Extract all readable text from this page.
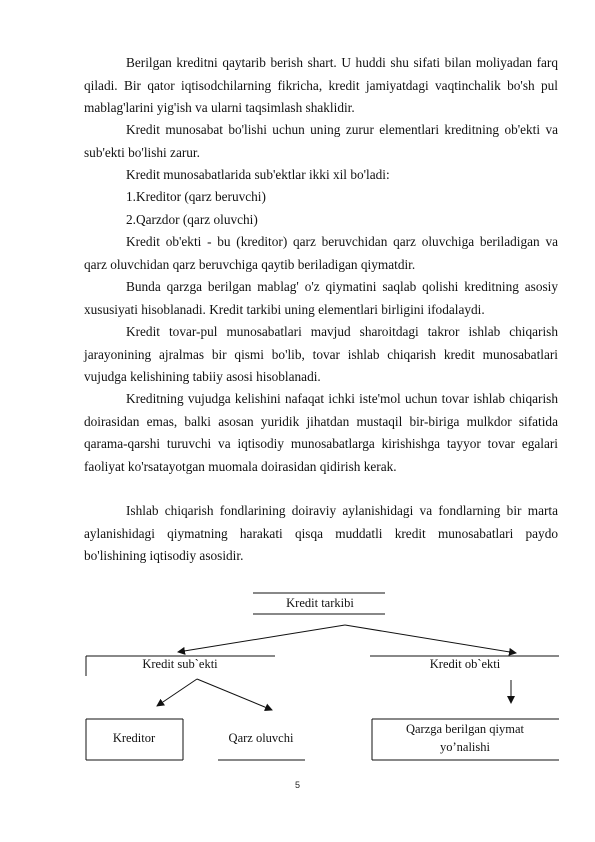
Berilgan kreditni qaytarib berish shart. U huddi shu sifati bilan moliyadan farq qiladi. Bir qator iqtisodchilarning fikricha, kredit jamiyatdagi vaqtinchalik bo'sh pul mablag'larini yig'ish va ularni taqsimlash shaklidir.

Kredit munosabat bo'lishi uchun uning zurur elementlari kreditning ob'ekti va sub'ekti bo'lishi zarur.

Kredit munosabatlarida sub'ektlar ikki xil bo'ladi:

1.Kreditor (qarz beruvchi)

2.Qarzdor (qarz oluvchi)

Kredit ob'ekti - bu (kreditor) qarz beruvchidan qarz oluvchiga beriladigan va qarz oluvchidan qarz beruvchiga qaytib beriladigan qiymatdir.

Bunda qarzga berilgan mablag' o'z qiymatini saqlab qolishi kreditning asosiy xususiyati hisoblanadi. Kredit tarkibi uning elementlari birligini ifodalaydi.

Kredit tovar-pul munosabatlari mavjud sharoitdagi takror ishlab chiqarish jarayonining ajralmas bir qismi bo'lib, tovar ishlab chiqarish kredit munosabatlari vujudga kelishining tabiiy asosi hisoblanadi.

Kreditning vujudga kelishini nafaqat ichki iste'mol uchun tovar ishlab chiqarish doirasidan emas, balki asosan yuridik jihatdan mustaqil bir-biriga mulkdor sifatida qarama-qarshi turuvchi va iqtisodiy munosabatlarga kirishishga tayyor tovar egalari faoliyat ko'rsatayotgan muomala doirasidan qidirish kerak.

Ishlab chiqarish fondlarining doiraviy aylanishidagi va fondlarning bir marta aylanishidagi qiymatning harakati qisqa muddatli kredit munosabatlari paydo bo'lishining iqtisodiy asosidir.

Kredit tarkibi
Kredit sub`ekti	Kredit ob`ekti
Kreditor	Qarz oluvchi
Qarzga berilgan qiymat
yo’nalishi
5
